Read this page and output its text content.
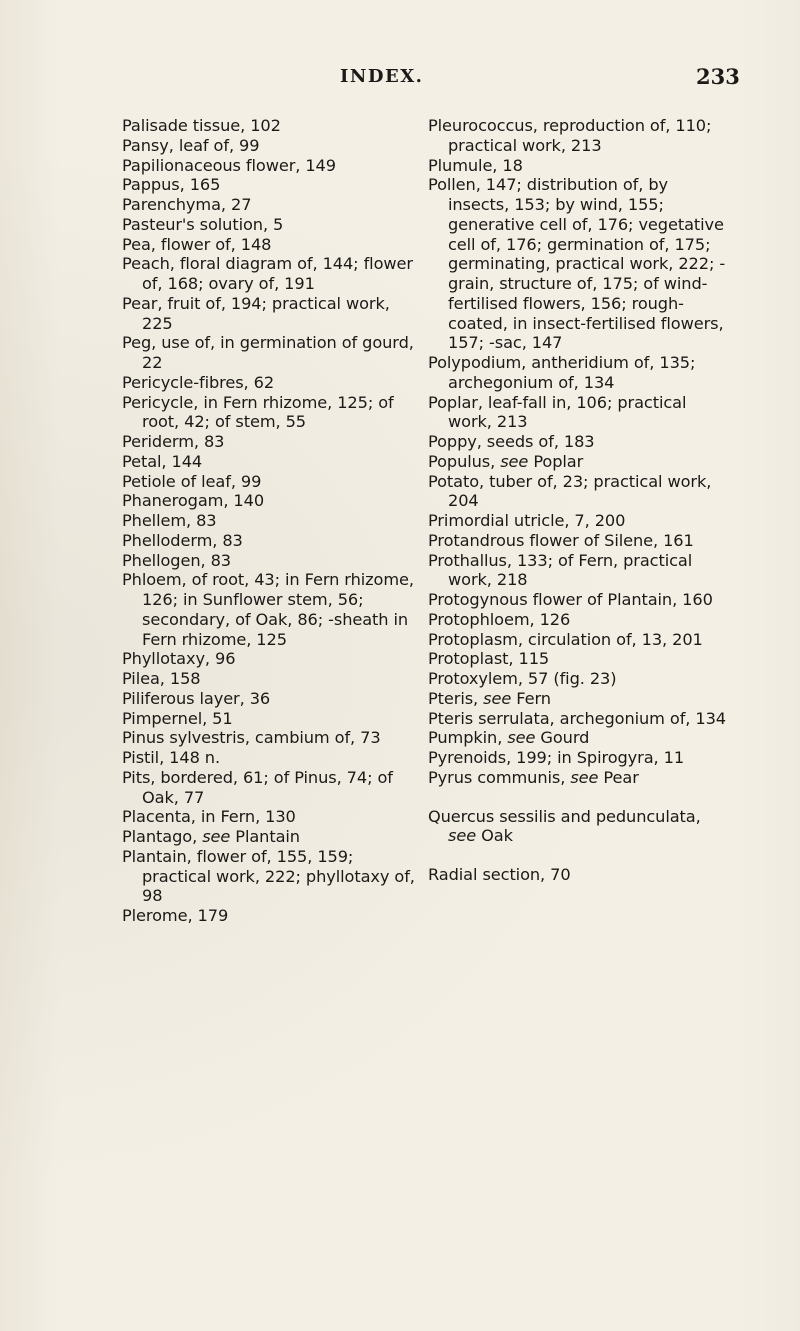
INDEX.	233

Palisade tissue, 102

Pansy, leaf of, 99

Papilionaceous flower, 149

Pappus, 165

Parenchyma, 27

Pasteur's solution, 5

Pea, flower of, 148

Peach, floral diagram of, 144; flower of, 168; ovary of, 191

Pear, fruit of, 194; practical work, 225

Peg, use of, in germination of gourd, 22

Pericycle-fibres, 62

Pericycle, in Fern rhizome, 125; of root, 42; of stem, 55

Periderm, 83

Petal, 144

Petiole of leaf, 99

Phanerogam, 140

Phellem, 83

Phelloderm, 83

Phellogen, 83

Phloem, of root, 43; in Fern rhizome, 126; in Sunflower stem, 56; secondary, of Oak, 86; -sheath in Fern rhizome, 125

Phyllotaxy, 96

Pilea, 158

Piliferous layer, 36

Pimpernel, 51

Pinus sylvestris, cambium of, 73

Pistil, 148 n.

Pits, bordered, 61; of Pinus, 74; of Oak, 77

Placenta, in Fern, 130

Plantago, see Plantain

Plantain, flower of, 155, 159; practical work, 222; phyllotaxy of, 98

Plerome, 179

Pleurococcus, reproduction of, 110; practical work, 213

Plumule, 18

Pollen, 147; distribution of, by insects, 153; by wind, 155; generative cell of, 176; vegetative cell of, 176; germination of, 175; germinating, practical work, 222; -grain, structure of, 175; of wind-fertilised flowers, 156; rough-coated, in insect-fertilised flowers, 157; -sac, 147

Polypodium, antheridium of, 135; archegonium of, 134

Poplar, leaf-fall in, 106; practical work, 213

Poppy, seeds of, 183

Populus, see Poplar

Potato, tuber of, 23; practical work, 204

Primordial utricle, 7, 200

Protandrous flower of Silene, 161

Prothallus, 133; of Fern, practical work, 218

Protogynous flower of Plantain, 160

Protophloem, 126

Protoplasm, circulation of, 13, 201

Protoplast, 115

Protoxylem, 57 (fig. 23)

Pteris, see Fern

Pteris serrulata, archegonium of, 134

Pumpkin, see Gourd

Pyrenoids, 199; in Spirogyra, 11

Pyrus communis, see Pear

Quercus sessilis and pedunculata, see Oak

Radial section, 70
